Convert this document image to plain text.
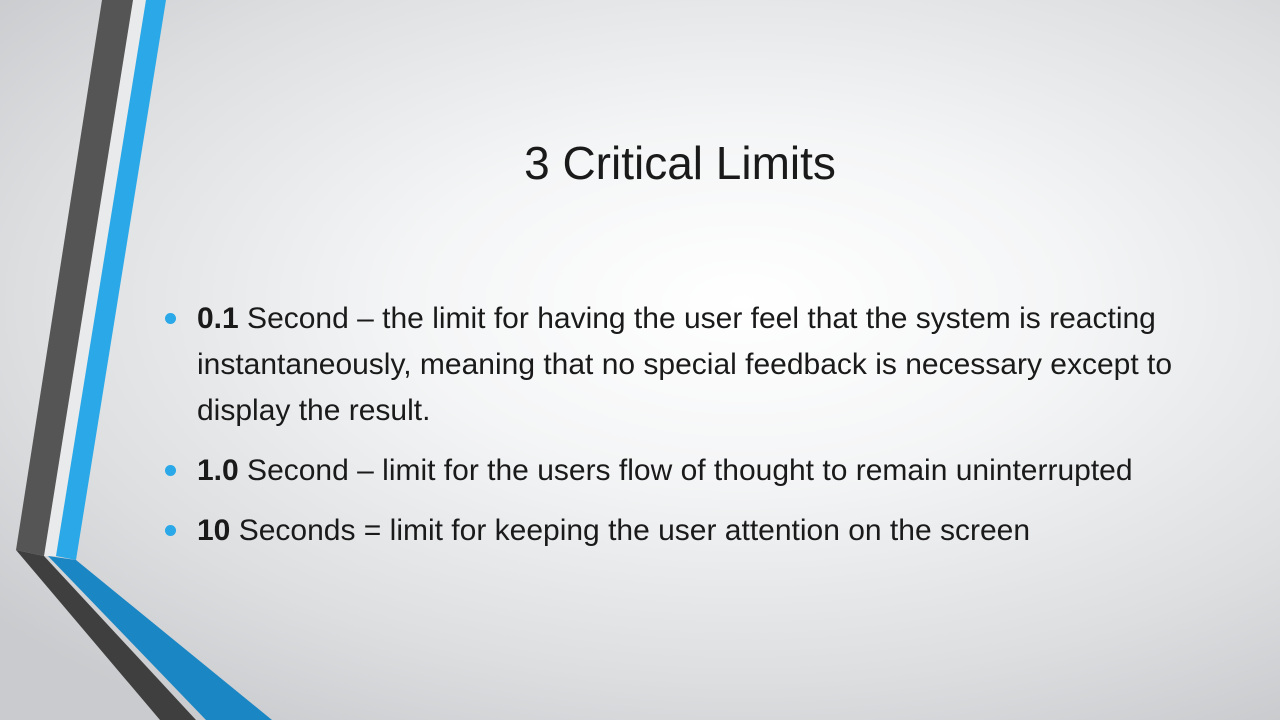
3 Critical Limits
0.1 Second – the limit for having the user feel that the system is reacting instantaneously, meaning that no special feedback is necessary except to display the result.
1.0 Second – limit for the users flow of thought to remain uninterrupted
10 Seconds = limit for keeping the user attention on the screen
